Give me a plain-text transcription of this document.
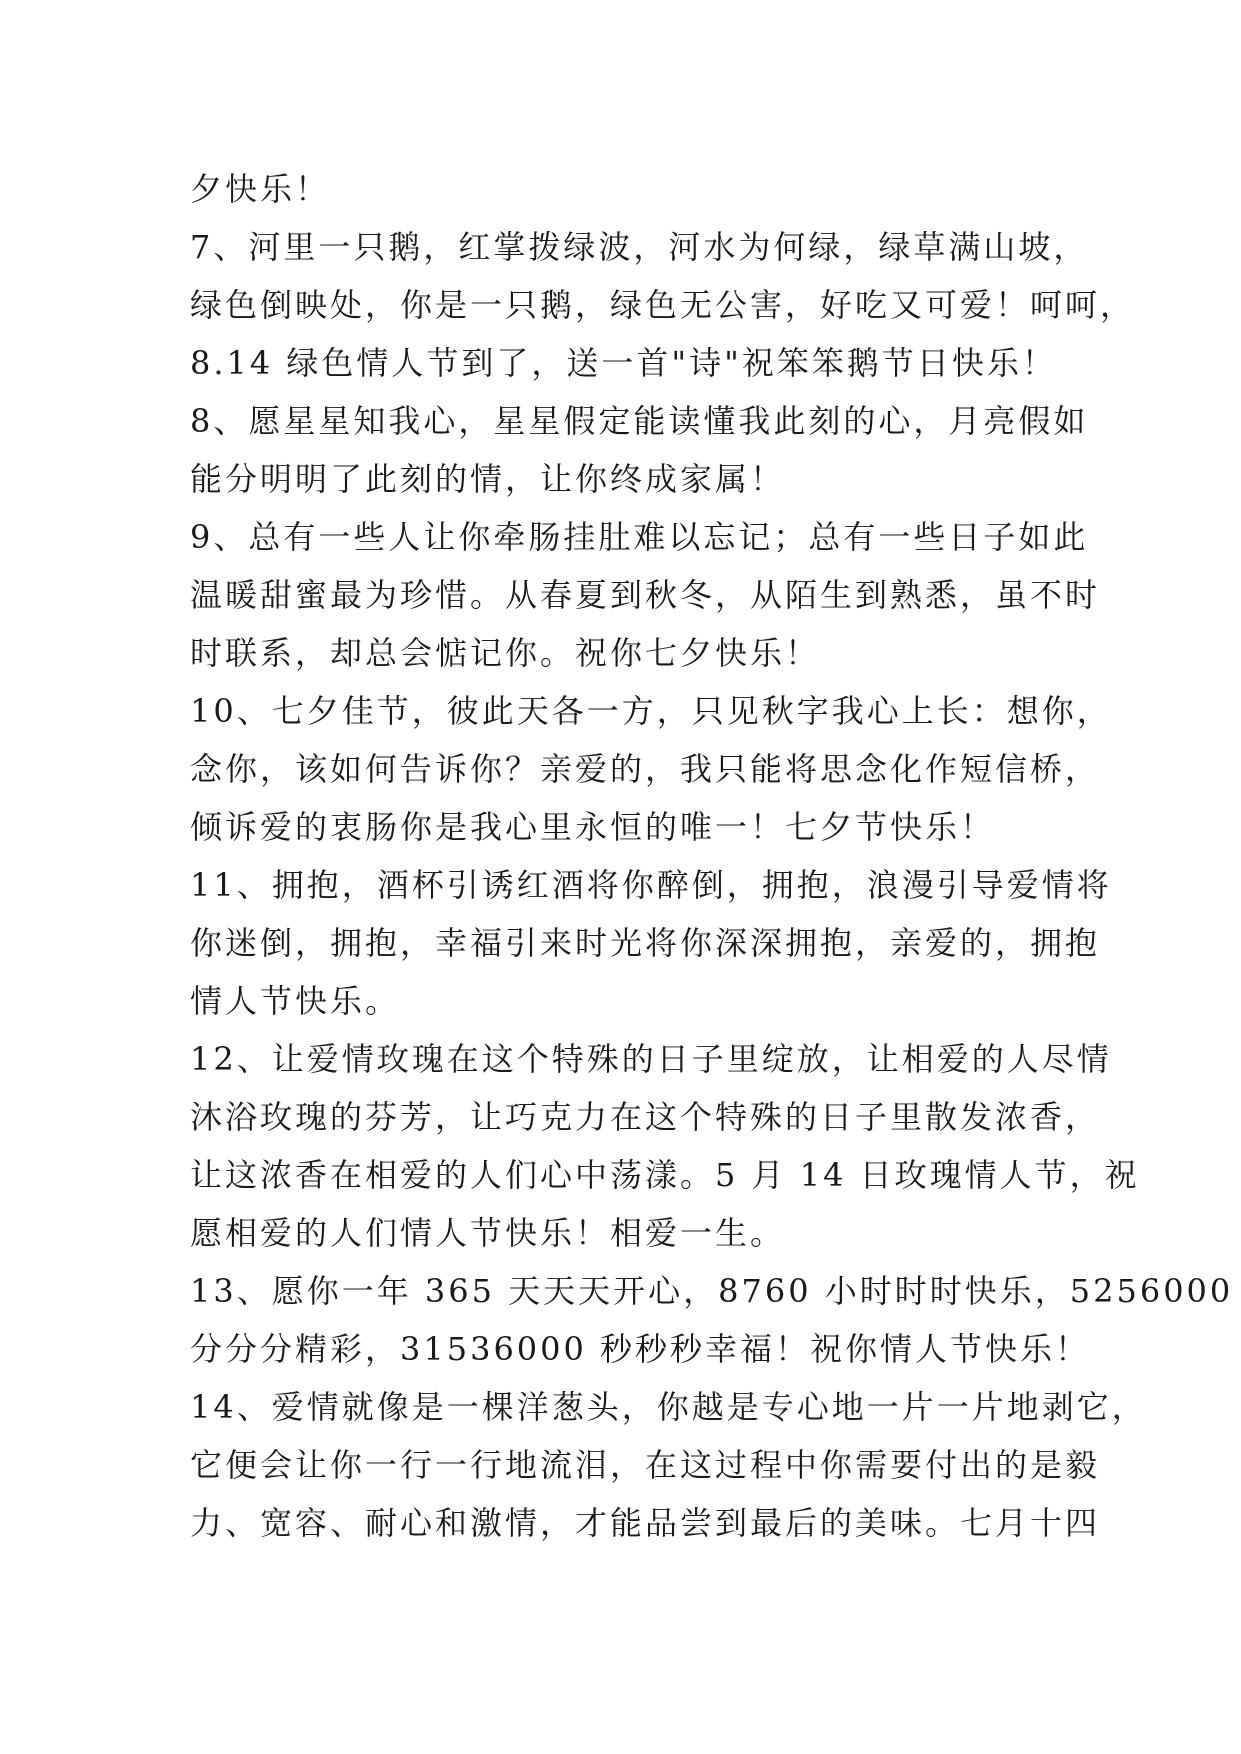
夕快乐！
7、河里一只鹅，红掌拨绿波，河水为何绿，绿草满山坡，
绿色倒映处，你是一只鹅，绿色无公害，好吃又可爱！呵呵，
8.14 绿色情人节到了，送一首"诗"祝笨笨鹅节日快乐！
8、愿星星知我心，星星假定能读懂我此刻的心，月亮假如
能分明明了此刻的情，让你终成家属！
9、总有一些人让你牵肠挂肚难以忘记；总有一些日子如此
温暖甜蜜最为珍惜。从春夏到秋冬，从陌生到熟悉，虽不时
时联系，却总会惦记你。祝你七夕快乐！
10、七夕佳节，彼此天各一方，只见秋字我心上长：想你，
念你，该如何告诉你？亲爱的，我只能将思念化作短信桥，
倾诉爱的衷肠你是我心里永恒的唯一！七夕节快乐！
11、拥抱，酒杯引诱红酒将你醉倒，拥抱，浪漫引导爱情将
你迷倒，拥抱，幸福引来时光将你深深拥抱，亲爱的，拥抱
情人节快乐。
12、让爱情玫瑰在这个特殊的日子里绽放，让相爱的人尽情
沐浴玫瑰的芬芳，让巧克力在这个特殊的日子里散发浓香，
让这浓香在相爱的人们心中荡漾。5 月 14 日玫瑰情人节，祝
愿相爱的人们情人节快乐！相爱一生。
13、愿你一年 365 天天天开心，8760 小时时时快乐，5256000
分分分精彩，31536000 秒秒秒幸福！祝你情人节快乐！
14、爱情就像是一棵洋葱头，你越是专心地一片一片地剥它，
它便会让你一行一行地流泪，在这过程中你需要付出的是毅
力、宽容、耐心和激情，才能品尝到最后的美味。七月十四
